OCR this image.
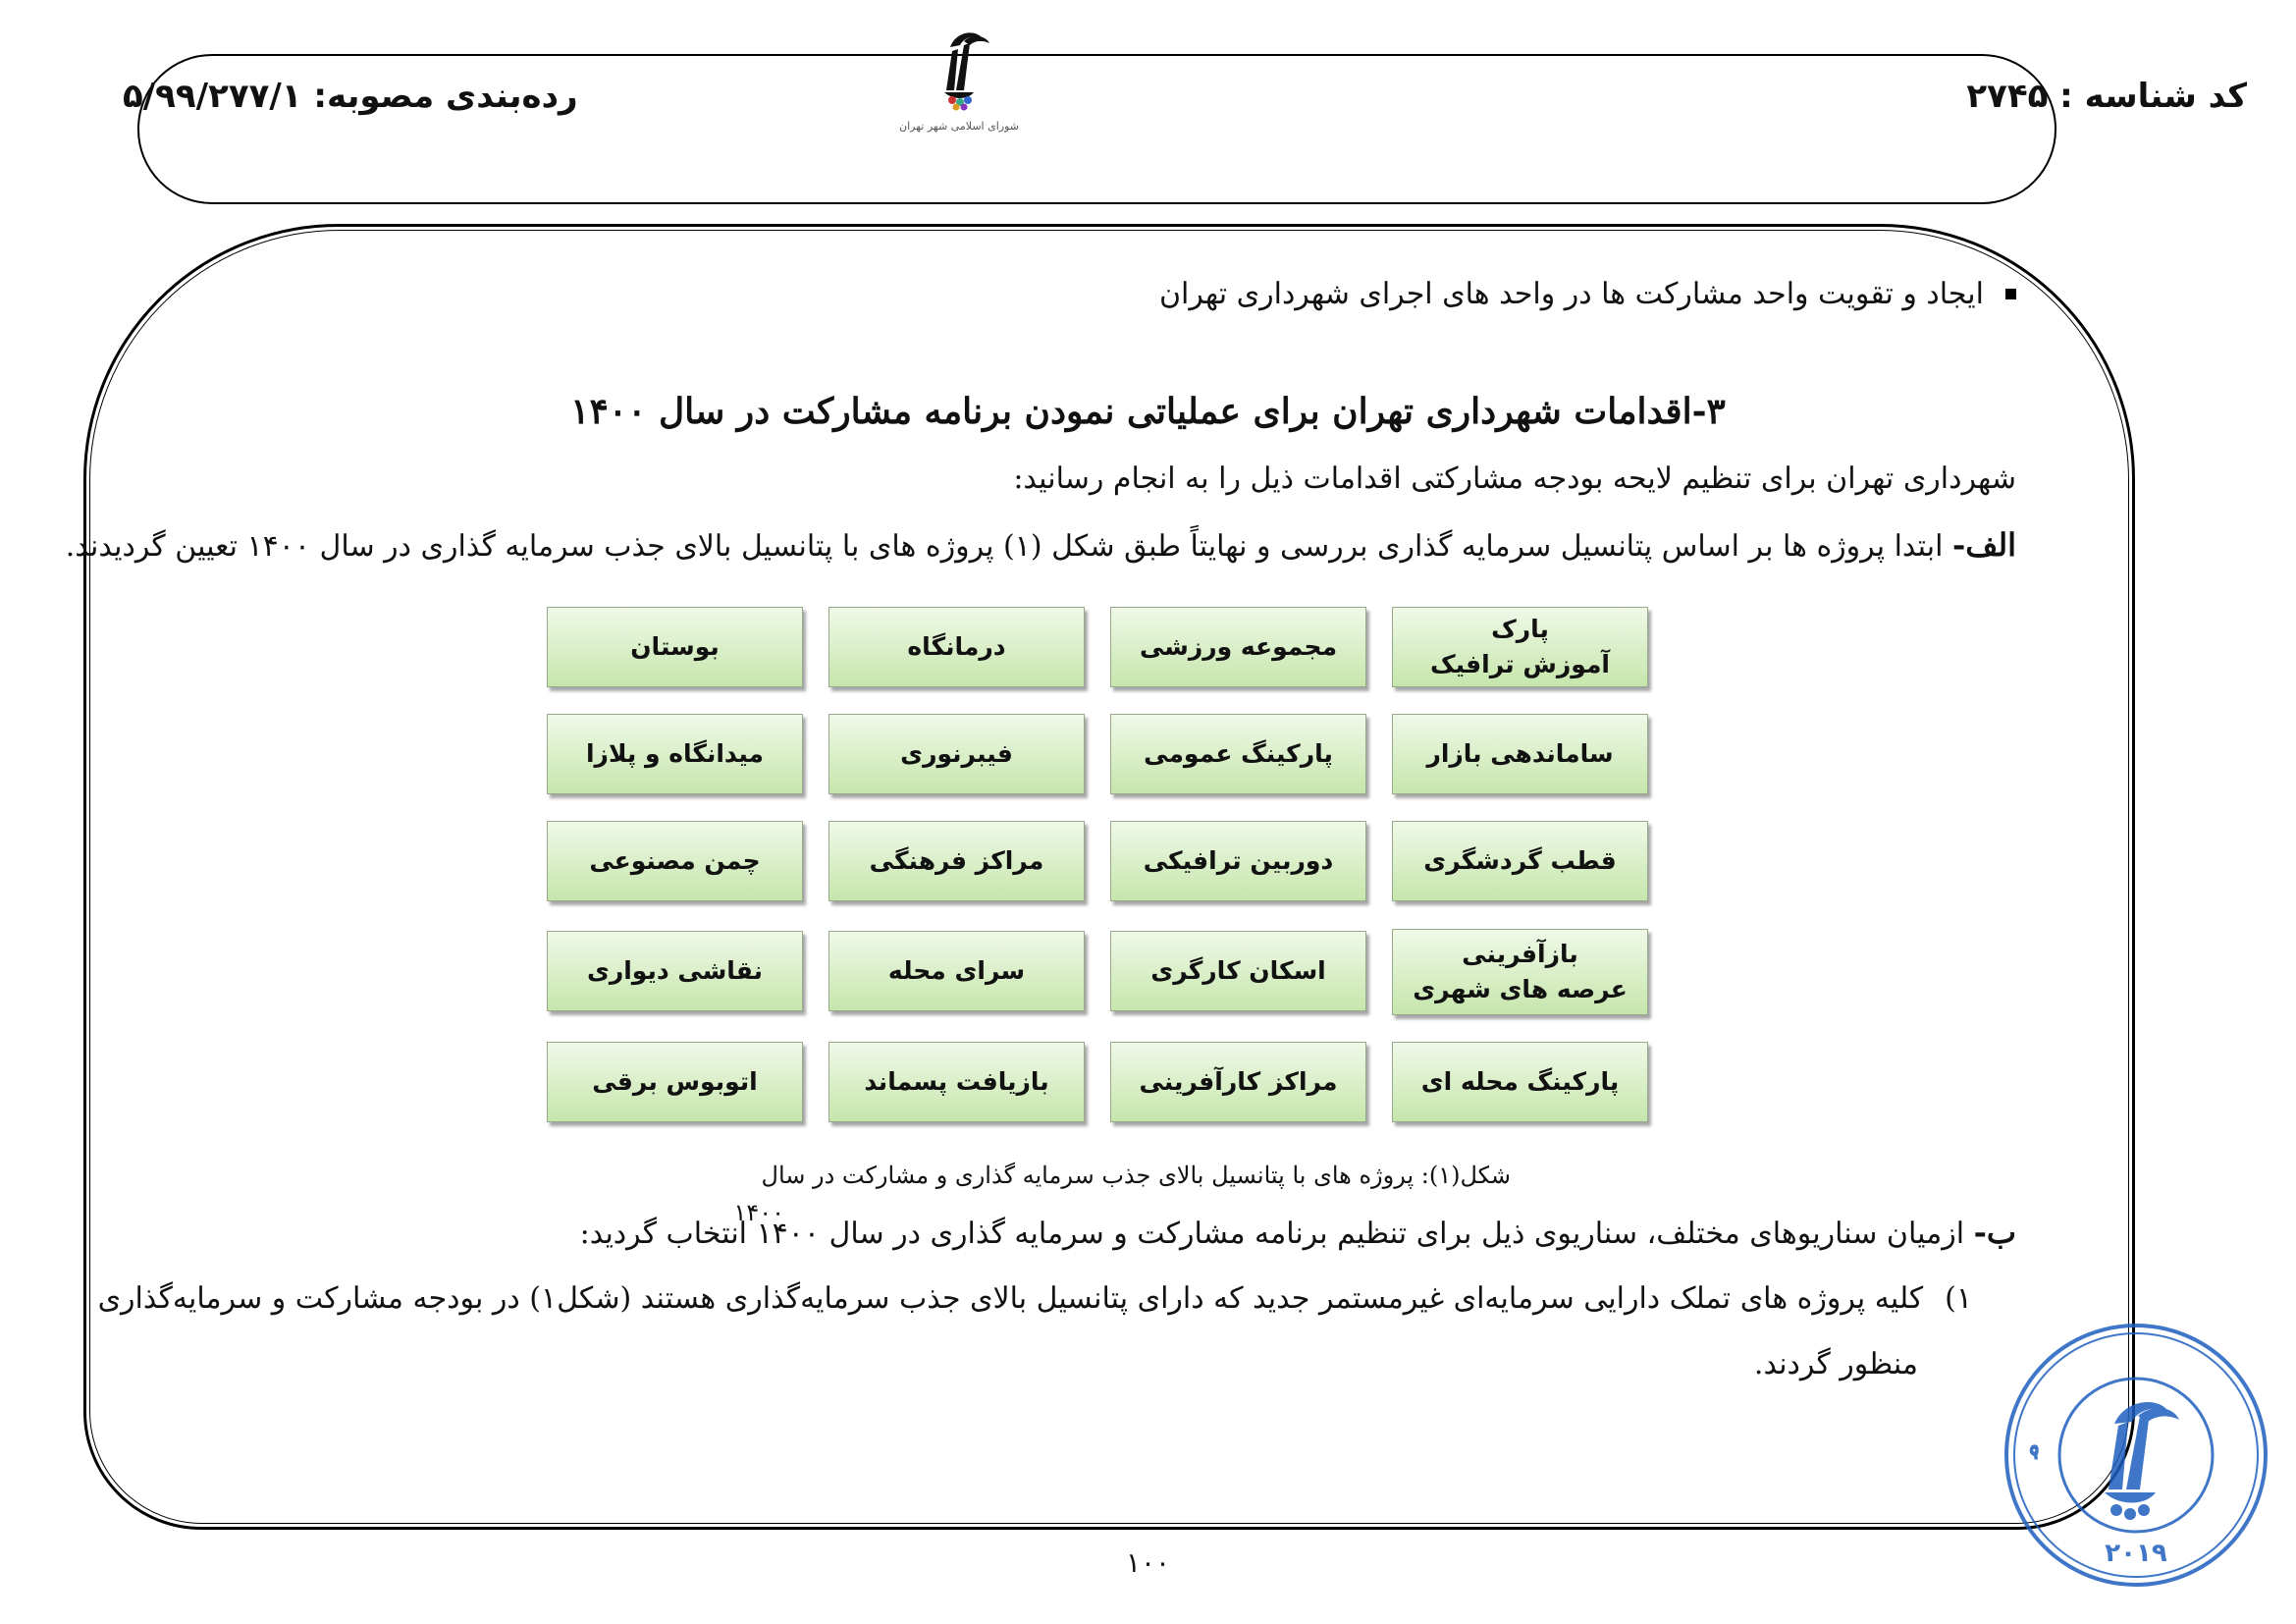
کد شناسه : ۲۷۴۵
رده‌بندی مصوبه: ۵/۹۹/۲۷۷/۱
شورای اسلامی شهر تهران
ایجاد و تقویت واحد مشارکت ها در واحد های اجرای شهرداری تهران
۳-اقدامات شهرداری تهران برای عملیاتی نمودن برنامه مشارکت در سال ۱۴۰۰
شهرداری تهران برای تنظیم لایحه بودجه مشارکتی اقدامات ذیل را به انجام رسانید:
الف- ابتدا پروژه ها بر اساس پتانسیل سرمایه گذاری بررسی و نهایتاً طبق شکل (۱) پروژه های با پتانسیل بالای جذب سرمایه گذاری در سال ۱۴۰۰ تعیین گردیدند.
پارک
آموزش ترافیک
مجموعه ورزشی
درمانگاه
بوستان
ساماندهی بازار
پارکینگ عمومی
فیبرنوری
میدانگاه و پلازا
قطب گردشگری
دوربین ترافیکی
مراکز فرهنگی
چمن مصنوعی
بازآفرینی
عرصه های شهری
اسکان کارگری
سرای محله
نقاشی دیواری
پارکینگ محله ای
مراکز کارآفرینی
بازیافت پسماند
اتوبوس برقی
شکل(۱): پروژه های با پتانسیل بالای جذب سرمایه گذاری و مشارکت در سال
۱۴۰۰
ب- ازمیان سناریوهای مختلف، سناریوی ذیل برای تنظیم برنامه مشارکت و سرمایه گذاری در سال ۱۴۰۰ انتخاب گردید:
۱)کلیه پروژه های تملک دارایی سرمایه‌ای غیرمستمر جدید که دارای پتانسیل بالای جذب سرمایه‌گذاری هستند (شکل۱) در بودجه مشارکت و سرمایه‌گذاری
منظور گردند.
۱۰۰
م
۲۰۱۹
